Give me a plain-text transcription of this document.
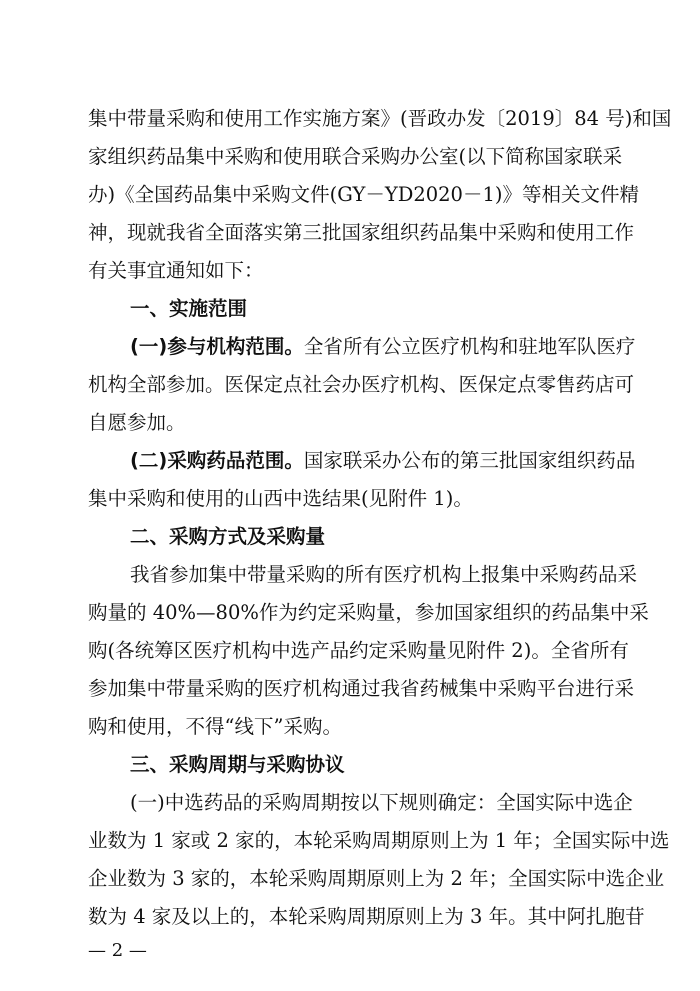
集中带量采购和使用工作实施方案》(晋政办发〔2019〕84 号)和国
家组织药品集中采购和使用联合采购办公室(以下简称国家联采
办)《全国药品集中采购文件(GY－YD2020－1)》等相关文件精
神，现就我省全面落实第三批国家组织药品集中采购和使用工作
有关事宜通知如下：
一、实施范围
(一)参与机构范围。全省所有公立医疗机构和驻地军队医疗
机构全部参加。医保定点社会办医疗机构、医保定点零售药店可
自愿参加。
(二)采购药品范围。国家联采办公布的第三批国家组织药品
集中采购和使用的山西中选结果(见附件 1)。
二、采购方式及采购量
我省参加集中带量采购的所有医疗机构上报集中采购药品采
购量的 40%—80%作为约定采购量，参加国家组织的药品集中采
购(各统筹区医疗机构中选产品约定采购量见附件 2)。全省所有
参加集中带量采购的医疗机构通过我省药械集中采购平台进行采
购和使用，不得“线下”采购。
三、采购周期与采购协议
(一)中选药品的采购周期按以下规则确定：全国实际中选企
业数为 1 家或 2 家的，本轮采购周期原则上为 1 年；全国实际中选
企业数为 3 家的，本轮采购周期原则上为 2 年；全国实际中选企业
数为 4 家及以上的，本轮采购周期原则上为 3 年。其中阿扎胞苷
— 2 —
